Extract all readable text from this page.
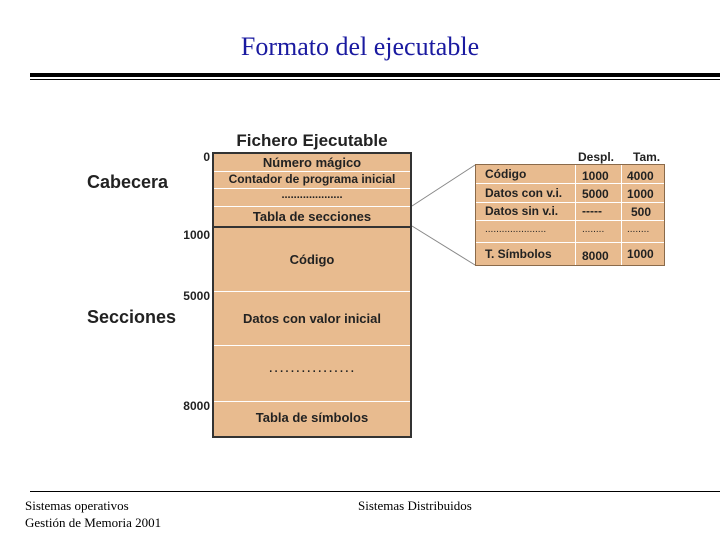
Formato del ejecutable
Cabecera
Secciones
0
1000
5000
8000
Fichero Ejecutable
Número mágico
Contador de programa inicial
....................
Tabla de secciones
Código
Datos con valor inicial
................
Tabla de símbolos
Despl. Tam.
Código	1000 4000
Datos con v.i. 5000 1000
Datos sin v.i. ----- 500
......................	........ ........
T. Símbolos	8000 1000
Sistemas operativos
Gestión de Memoria 2001
Sistemas Distribuidos
